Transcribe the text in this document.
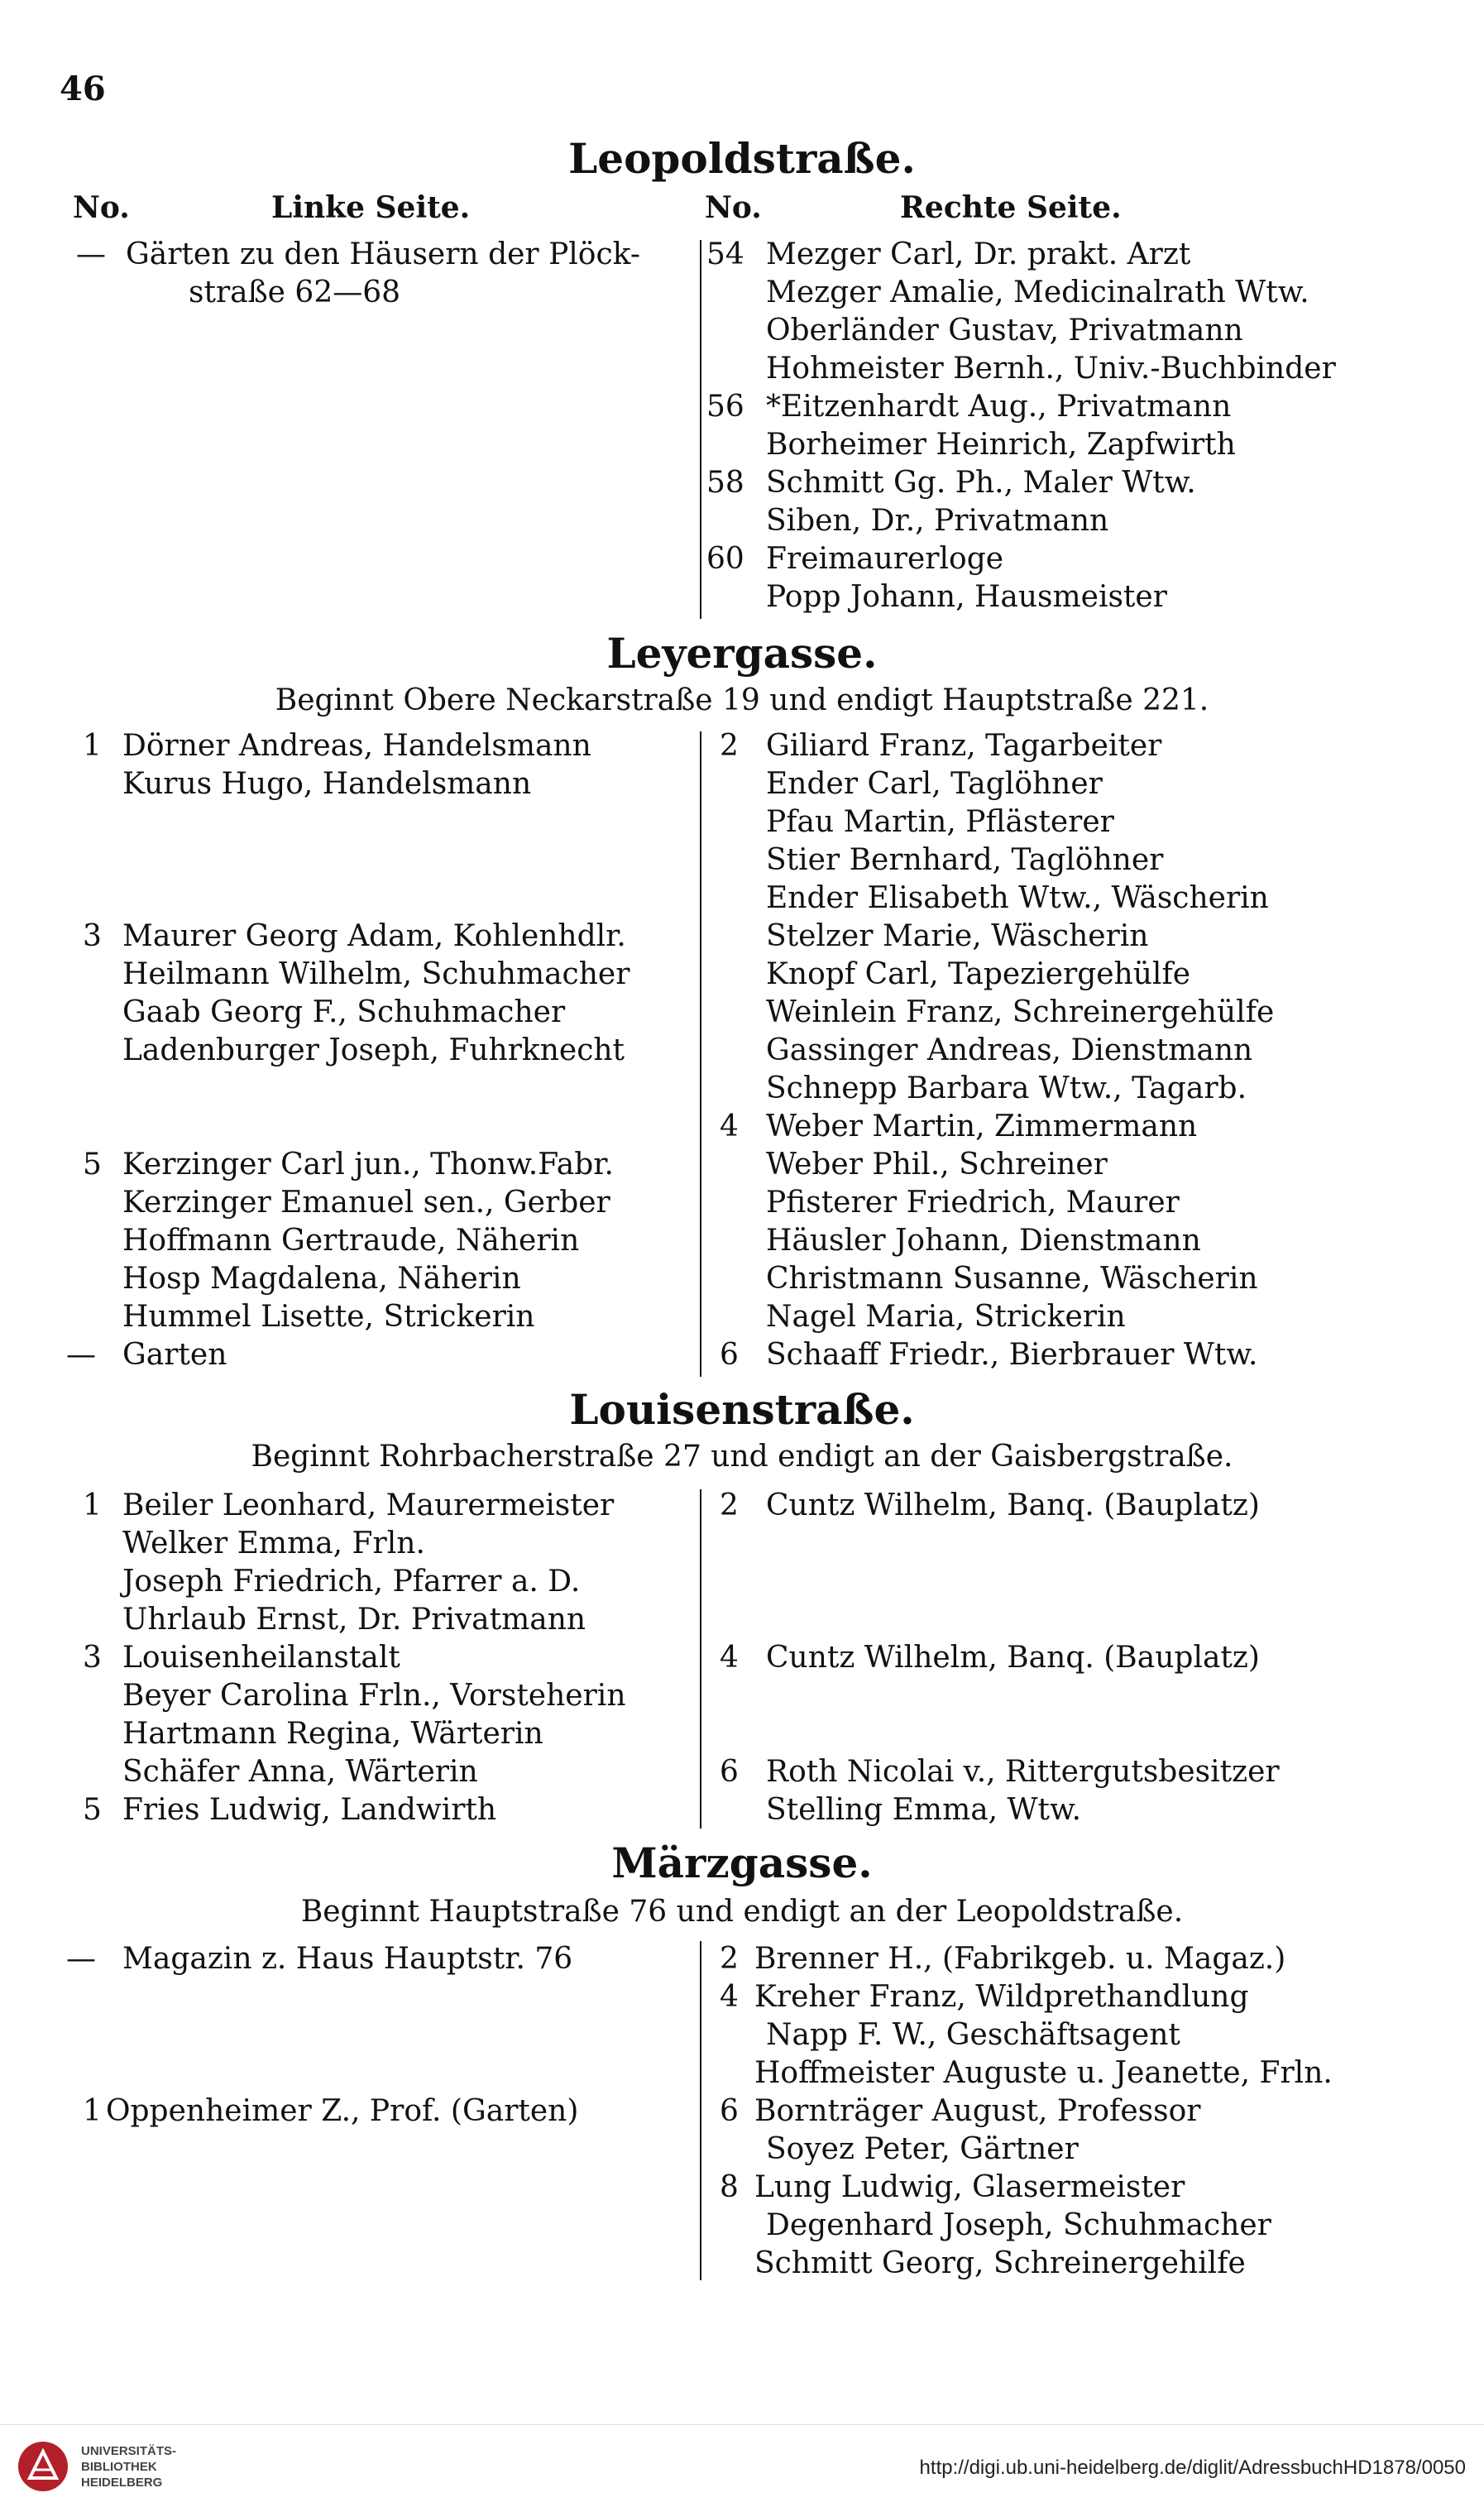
46
Leopoldstraße.
No.	Linke Seite.	No.	Rechte Seite.
— Gärten zu den Häusern der Plöck-
straße 62—68
54 Mezger Carl, Dr. prakt. Arzt
Mezger Amalie, Medicinalrath Wtw.
Oberländer Gustav, Privatmann
Hohmeister Bernh., Univ.-Buchbinder
56 *Eitzenhardt Aug., Privatmann
Borheimer Heinrich, Zapfwirth
58 Schmitt Gg. Ph., Maler Wtw.
Siben, Dr., Privatmann
60 Freimaurerloge
Popp Johann, Hausmeister
Leyergasse.
Beginnt Obere Neckarstraße 19 und endigt Hauptstraße 221.
1 Dörner Andreas, Handelsmann
Kurus Hugo, Handelsmann
3 Maurer Georg Adam, Kohlenhdlr.
Heilmann Wilhelm, Schuhmacher
Gaab Georg F., Schuhmacher
Ladenburger Joseph, Fuhrknecht
5 Kerzinger Carl jun., Thonw.Fabr.
Kerzinger Emanuel sen., Gerber
Hoffmann Gertraude, Näherin
Hosp Magdalena, Näherin
Hummel Lisette, Strickerin
— Garten
2 Giliard Franz, Tagarbeiter
Ender Carl, Taglöhner
Pfau Martin, Pflästerer
Stier Bernhard, Taglöhner
Ender Elisabeth Wtw., Wäscherin
Stelzer Marie, Wäscherin
Knopf Carl, Tapeziergehülfe
Weinlein Franz, Schreinergehülfe
Gassinger Andreas, Dienstmann
Schnepp Barbara Wtw., Tagarb.
4 Weber Martin, Zimmermann
Weber Phil., Schreiner
Pfisterer Friedrich, Maurer
Häusler Johann, Dienstmann
Christmann Susanne, Wäscherin
Nagel Maria, Strickerin
6 Schaaff Friedr., Bierbrauer Wtw.
Louisenstraße.
Beginnt Rohrbacherstraße 27 und endigt an der Gaisbergstraße.
1 Beiler Leonhard, Maurermeister
Welker Emma, Frln.
Joseph Friedrich, Pfarrer a. D.
Uhrlaub Ernst, Dr. Privatmann
3 Louisenheilanstalt
Beyer Carolina Frln., Vorsteherin
Hartmann Regina, Wärterin
Schäfer Anna, Wärterin
5 Fries Ludwig, Landwirth
2 Cuntz Wilhelm, Banq. (Bauplatz)
4 Cuntz Wilhelm, Banq. (Bauplatz)
6 Roth Nicolai v., Rittergutsbesitzer
Stelling Emma, Wtw.
Märzgasse.
Beginnt Hauptstraße 76 und endigt an der Leopoldstraße.
— Magazin z. Haus Hauptstr. 76
1 Oppenheimer Z., Prof. (Garten)
2 Brenner H., (Fabrikgeb. u. Magaz.)
4 Kreher Franz, Wildprethandlung
Napp F. W., Geschäftsagent
Hoffmeister Auguste u. Jeanette, Frln.
6 Bornträger August, Professor
Soyez Peter, Gärtner
8 Lung Ludwig, Glasermeister
Degenhard Joseph, Schuhmacher
Schmitt Georg, Schreinergehilfe
UNIVERSITÄTS-
BIBLIOTHEK
HEIDELBERG
http://digi.ub.uni-heidelberg.de/diglit/AdressbuchHD1878/0050
